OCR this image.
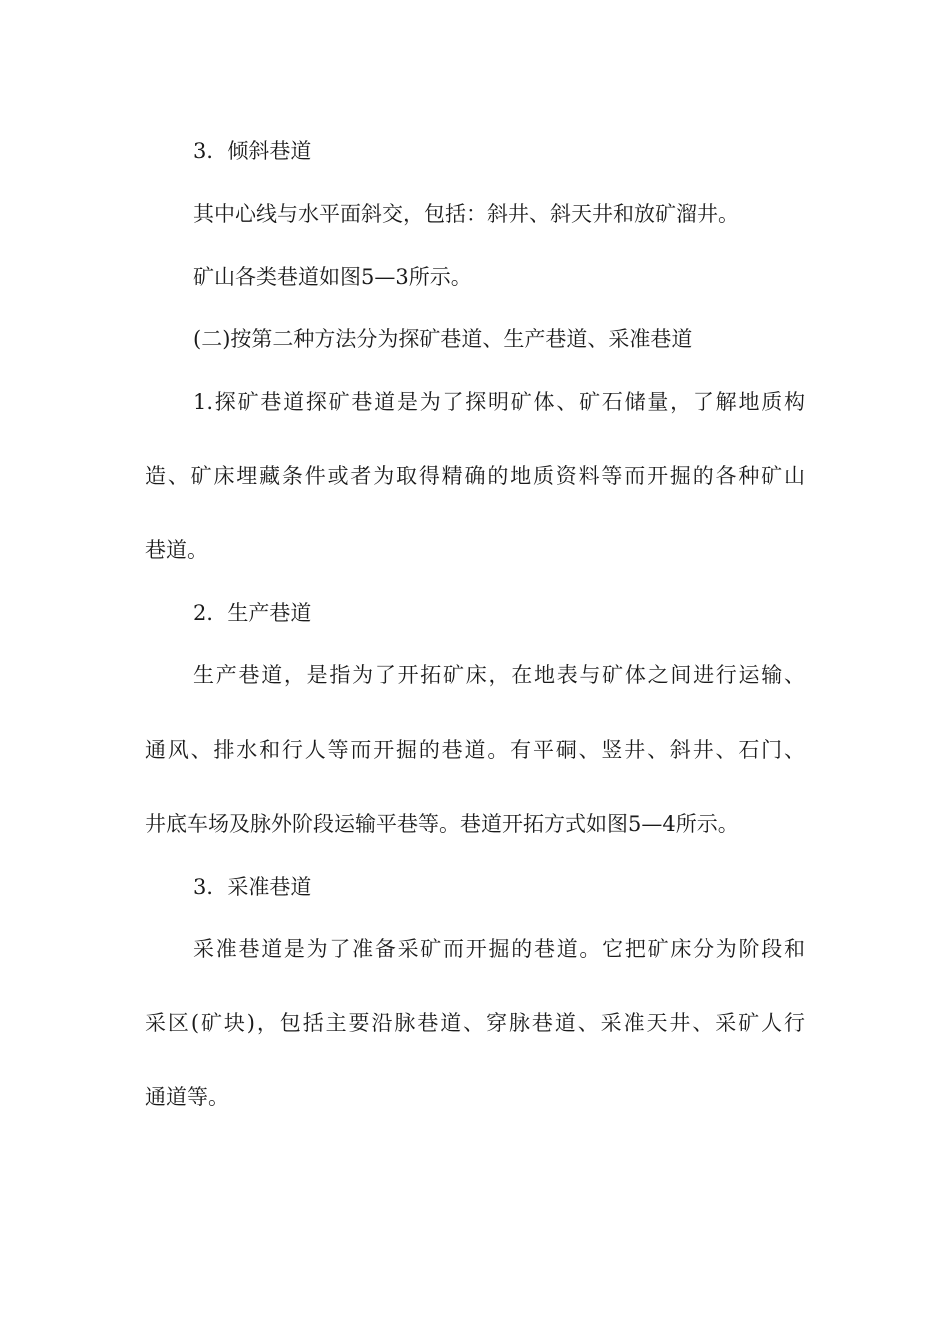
3．倾斜巷道

其中心线与水平面斜交，包括：斜井、斜天井和放矿溜井。

矿山各类巷道如图5—3所示。

(二)按第二种方法分为探矿巷道、生产巷道、采准巷道

1.探矿巷道探矿巷道是为了探明矿体、矿石储量，了解地质构

造、矿床埋藏条件或者为取得精确的地质资料等而开掘的各种矿山

巷道。

2．生产巷道

生产巷道，是指为了开拓矿床，在地表与矿体之间进行运输、

通风、排水和行人等而开掘的巷道。有平硐、竖井、斜井、石门、

井底车场及脉外阶段运输平巷等。巷道开拓方式如图5—4所示。

3．采准巷道

采准巷道是为了准备采矿而开掘的巷道。它把矿床分为阶段和

采区(矿块)，包括主要沿脉巷道、穿脉巷道、采准天井、采矿人行

通道等。
